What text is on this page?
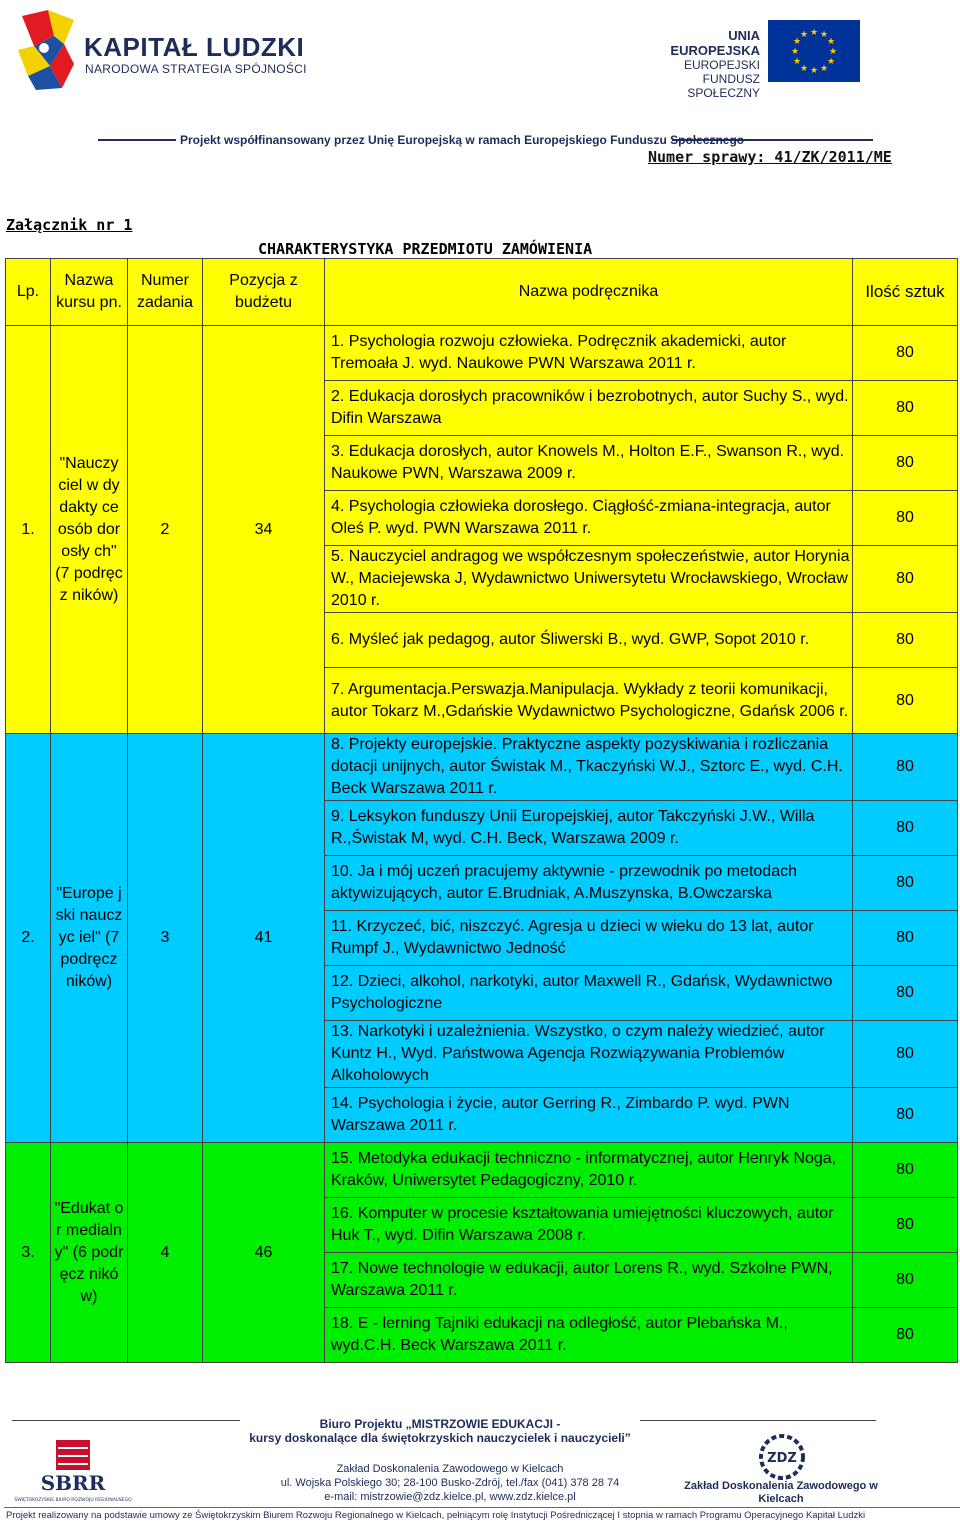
KAPITAŁ LUDZKI
NARODOWA STRATEGIA SPÓJNOŚCI
UNIA EUROPEJSKA
EUROPEJSKI
FUNDUSZ SPOŁECZNY
★ ★
★
★
★
★
★
★
★
★
★
★
Projekt współfinansowany przez Unię Europejską w ramach Europejskiego Funduszu Społecznego
Numer sprawy: 41/ZK/2011/ME
Załącznik nr 1
CHARAKTERYSTYKA PRZEDMIOTU ZAMÓWIENIA
Lp.	Nazwa kursu pn.	Numer zadania	Pozycja z budżetu	Nazwa podręcznika	Ilość sztuk
1.	"Nauczy ciel w dydakty ce osób dorosły ch" (7 podręcz ników)	2	34	1. Psychologia rozwoju człowieka. Podręcznik akademicki, autor Tremoała J. wyd. Naukowe PWN Warszawa 2011 r.	80
				2. Edukacja dorosłych pracowników i bezrobotnych, autor Suchy S., wyd. Difin Warszawa	80
				3. Edukacja dorosłych, autor Knowels M., Holton E.F., Swanson R., wyd. Naukowe PWN, Warszawa 2009 r.	80
				4. Psychologia człowieka dorosłego. Ciągłość-zmiana-integracja, autor Oleś P. wyd. PWN Warszawa 2011 r.	80
				5. Nauczyciel andragog we współczesnym społeczeństwie, autor Horynia W., Maciejewska J, Wydawnictwo Uniwersytetu Wrocławskiego, Wrocław 2010 r.	80
				6. Myśleć jak pedagog, autor Śliwerski B., wyd. GWP, Sopot 2010 r.	80
				7. Argumentacja.Perswazja.Manipulacja. Wykłady z teorii komunikacji, autor Tokarz M.,Gdańskie Wydawnictwo Psychologiczne, Gdańsk 2006 r.	80
2.	"Europe jski nauczyc iel" (7 podręcz ników)	3	41	8. Projekty europejskie. Praktyczne aspekty pozyskiwania i rozliczania dotacji unijnych, autor Świstak M., Tkaczyński W.J., Sztorc E., wyd. C.H. Beck Warszawa 2011 r.	80
				9. Leksykon funduszy Unii Europejskiej, autor Takczyński J.W., Willa R.,Świstak M, wyd. C.H. Beck, Warszawa 2009 r.	80
				10. Ja i mój uczeń pracujemy aktywnie - przewodnik po metodach aktywizujących, autor E.Brudniak, A.Muszynska, B.Owczarska	80
				11. Krzyczeć, bić, niszczyć. Agresja u dzieci w wieku do 13 lat, autor Rumpf J., Wydawnictwo Jedność	80
				12. Dzieci, alkohol, narkotyki, autor Maxwell R., Gdańsk, Wydawnictwo Psychologiczne	80
				13. Narkotyki i uzależnienia. Wszystko, o czym należy wiedzieć, autor Kuntz H., Wyd. Państwowa Agencja Rozwiązywania Problemów Alkoholowych	80
				14. Psychologia i życie, autor Gerring R., Zimbardo P. wyd. PWN Warszawa 2011 r.	80
3.	"Edukat or medialn y" (6 podręcz ników)	4	46	15. Metodyka edukacji techniczno - informatycznej, autor Henryk Noga, Kraków, Uniwersytet Pedagogiczny, 2010 r.	80
				16. Komputer w procesie kształtowania umiejętności kluczowych, autor Huk T., wyd. Difin Warszawa 2008 r.	80
				17. Nowe technologie w edukacji, autor Lorens R., wyd. Szkolne PWN, Warszawa 2011 r.	80
				18. E - lerning Tajniki edukacji na odległość, autor Plebańska M., wyd.C.H. Beck Warszawa 2011 r.	80
Biuro Projektu „MISTRZOWIE EDUKACJI -
kursy doskonalące dla świętokrzyskich nauczycielek i nauczycieli”
SBRR
ŚWIĘTOKRZYSKIE BIURO ROZWOJU REGIONALNEGO
Zakład Doskonalenia Zawodowego w Kielcach
ul. Wojska Polskiego 30; 28-100 Busko-Zdrój, tel./fax (041) 378 28 74
e-mail: mistrzowie@zdz.kielce.pl, www.zdz.kielce.pl
ZDZ
Zakład Doskonalenia Zawodowego w Kielcach
Projekt realizowany na podstawie umowy ze Świętokrzyskim Biurem Rozwoju Regionalnego w Kielcach, pełniącym rolę Instytucji Pośredniczącej I stopnia w ramach Programu Operacyjnego Kapitał Ludzki
